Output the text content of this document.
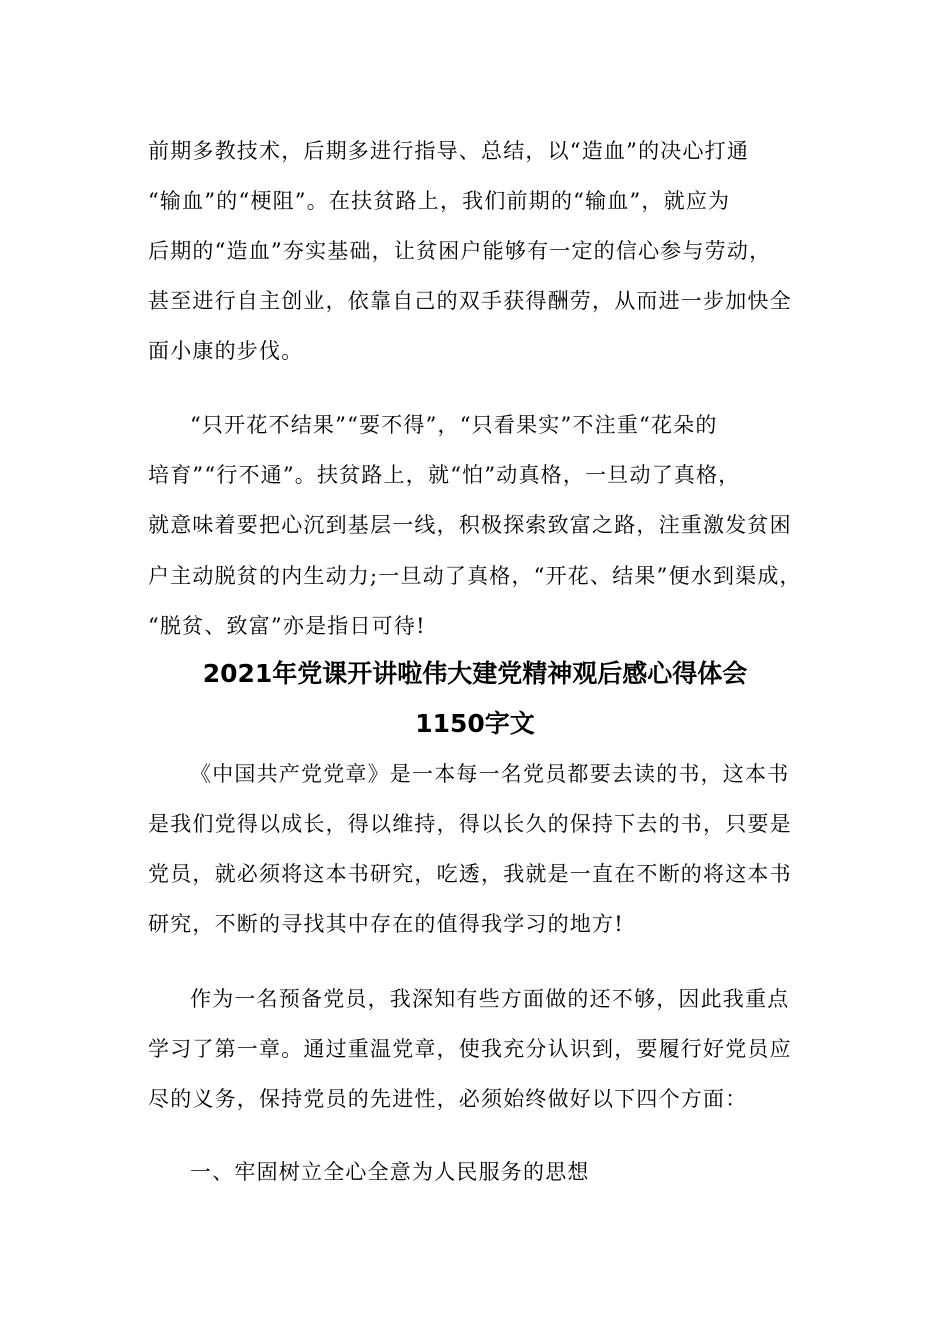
前期多教技术，后期多进行指导、总结，以“造血”的决心打通
“输血”的“梗阻”。在扶贫路上，我们前期的“输血”，就应为
后期的“造血”夯实基础，让贫困户能够有一定的信心参与劳动，
甚至进行自主创业，依靠自己的双手获得酬劳，从而进一步加快全
面小康的步伐。
“只开花不结果”“要不得”，“只看果实”不注重“花朵的
培育”“行不通”。扶贫路上，就“怕”动真格，一旦动了真格，
就意味着要把心沉到基层一线，积极探索致富之路，注重激发贫困
户主动脱贫的内生动力;一旦动了真格，“开花、结果”便水到渠成，
“脱贫、致富”亦是指日可待!
2021年党课开讲啦伟大建党精神观后感心得体会
1150字文
《中国共产党党章》是一本每一名党员都要去读的书，这本书
是我们党得以成长，得以维持，得以长久的保持下去的书，只要是
党员，就必须将这本书研究，吃透，我就是一直在不断的将这本书
研究，不断的寻找其中存在的值得我学习的地方!
作为一名预备党员，我深知有些方面做的还不够，因此我重点
学习了第一章。通过重温党章，使我充分认识到，要履行好党员应
尽的义务，保持党员的先进性，必须始终做好以下四个方面：
一、牢固树立全心全意为人民服务的思想
